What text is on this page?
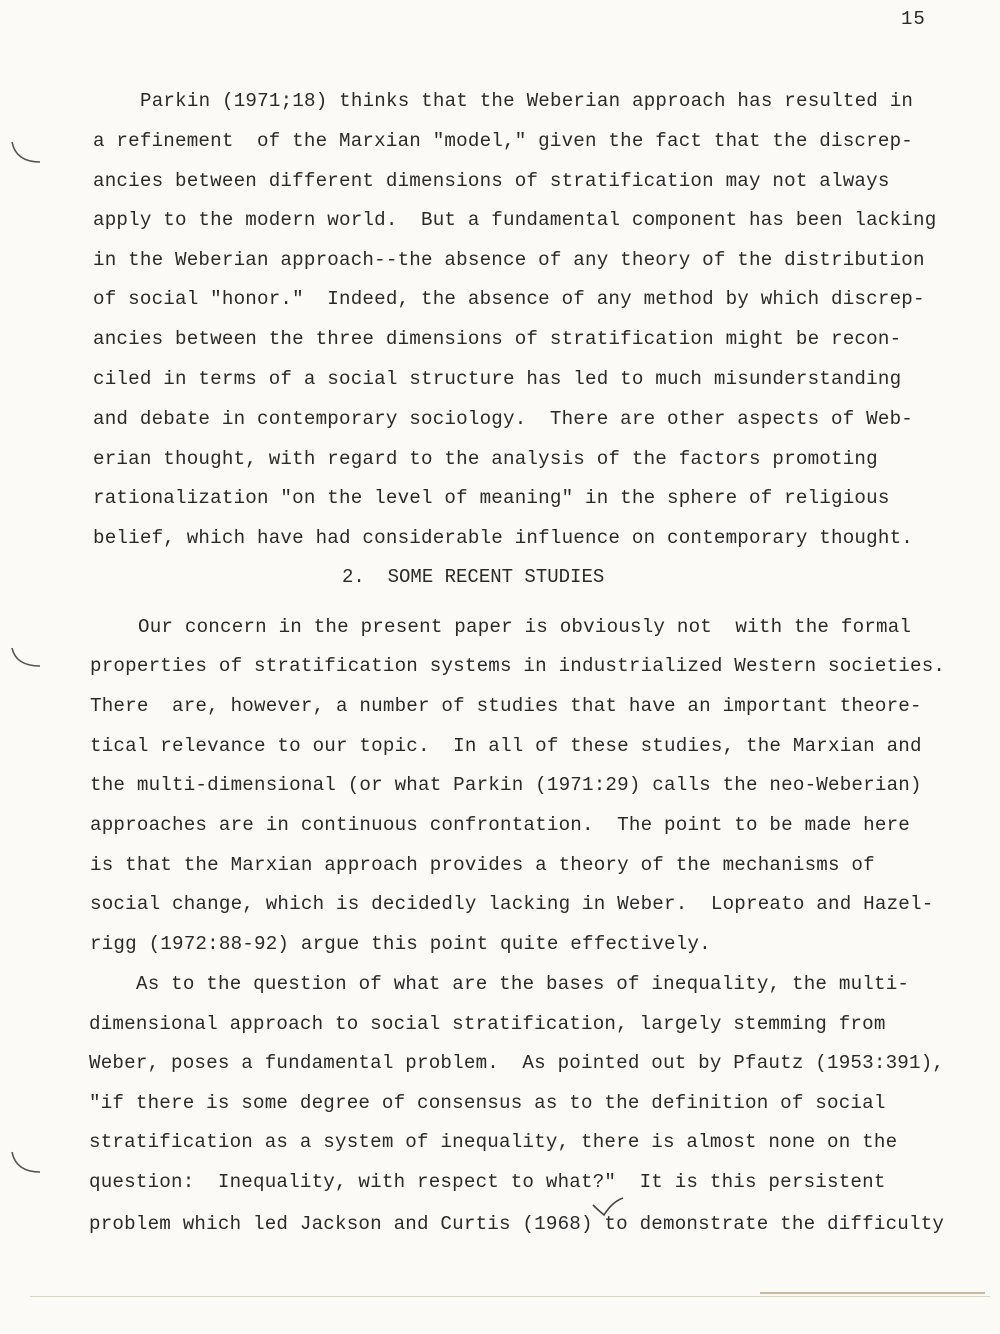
15
Parkin (1971;18) thinks that the Weberian approach has resulted in
a refinement  of the Marxian "model," given the fact that the discrep-
ancies between different dimensions of stratification may not always
apply to the modern world.  But a fundamental component has been lacking
in the Weberian approach--the absence of any theory of the distribution
of social "honor."  Indeed, the absence of any method by which discrep-
ancies between the three dimensions of stratification might be recon-
ciled in terms of a social structure has led to much misunderstanding
and debate in contemporary sociology.  There are other aspects of Web-
erian thought, with regard to the analysis of the factors promoting
rationalization "on the level of meaning" in the sphere of religious
belief, which have had considerable influence on contemporary thought.
2.  SOME RECENT STUDIES
Our concern in the present paper is obviously not  with the formal
properties of stratification systems in industrialized Western societies.
There  are, however, a number of studies that have an important theore-
tical relevance to our topic.  In all of these studies, the Marxian and
the multi-dimensional (or what Parkin (1971:29) calls the neo-Weberian)
approaches are in continuous confrontation.  The point to be made here
is that the Marxian approach provides a theory of the mechanisms of
social change, which is decidedly lacking in Weber.  Lopreato and Hazel-
rigg (1972:88-92) argue this point quite effectively.
As to the question of what are the bases of inequality, the multi-
dimensional approach to social stratification, largely stemming from
Weber, poses a fundamental problem.  As pointed out by Pfautz (1953:391),
"if there is some degree of consensus as to the definition of social
stratification as a system of inequality, there is almost none on the
question:  Inequality, with respect to what?"  It is this persistent
problem which led Jackson and Curtis (1968) to demonstrate the difficulty
